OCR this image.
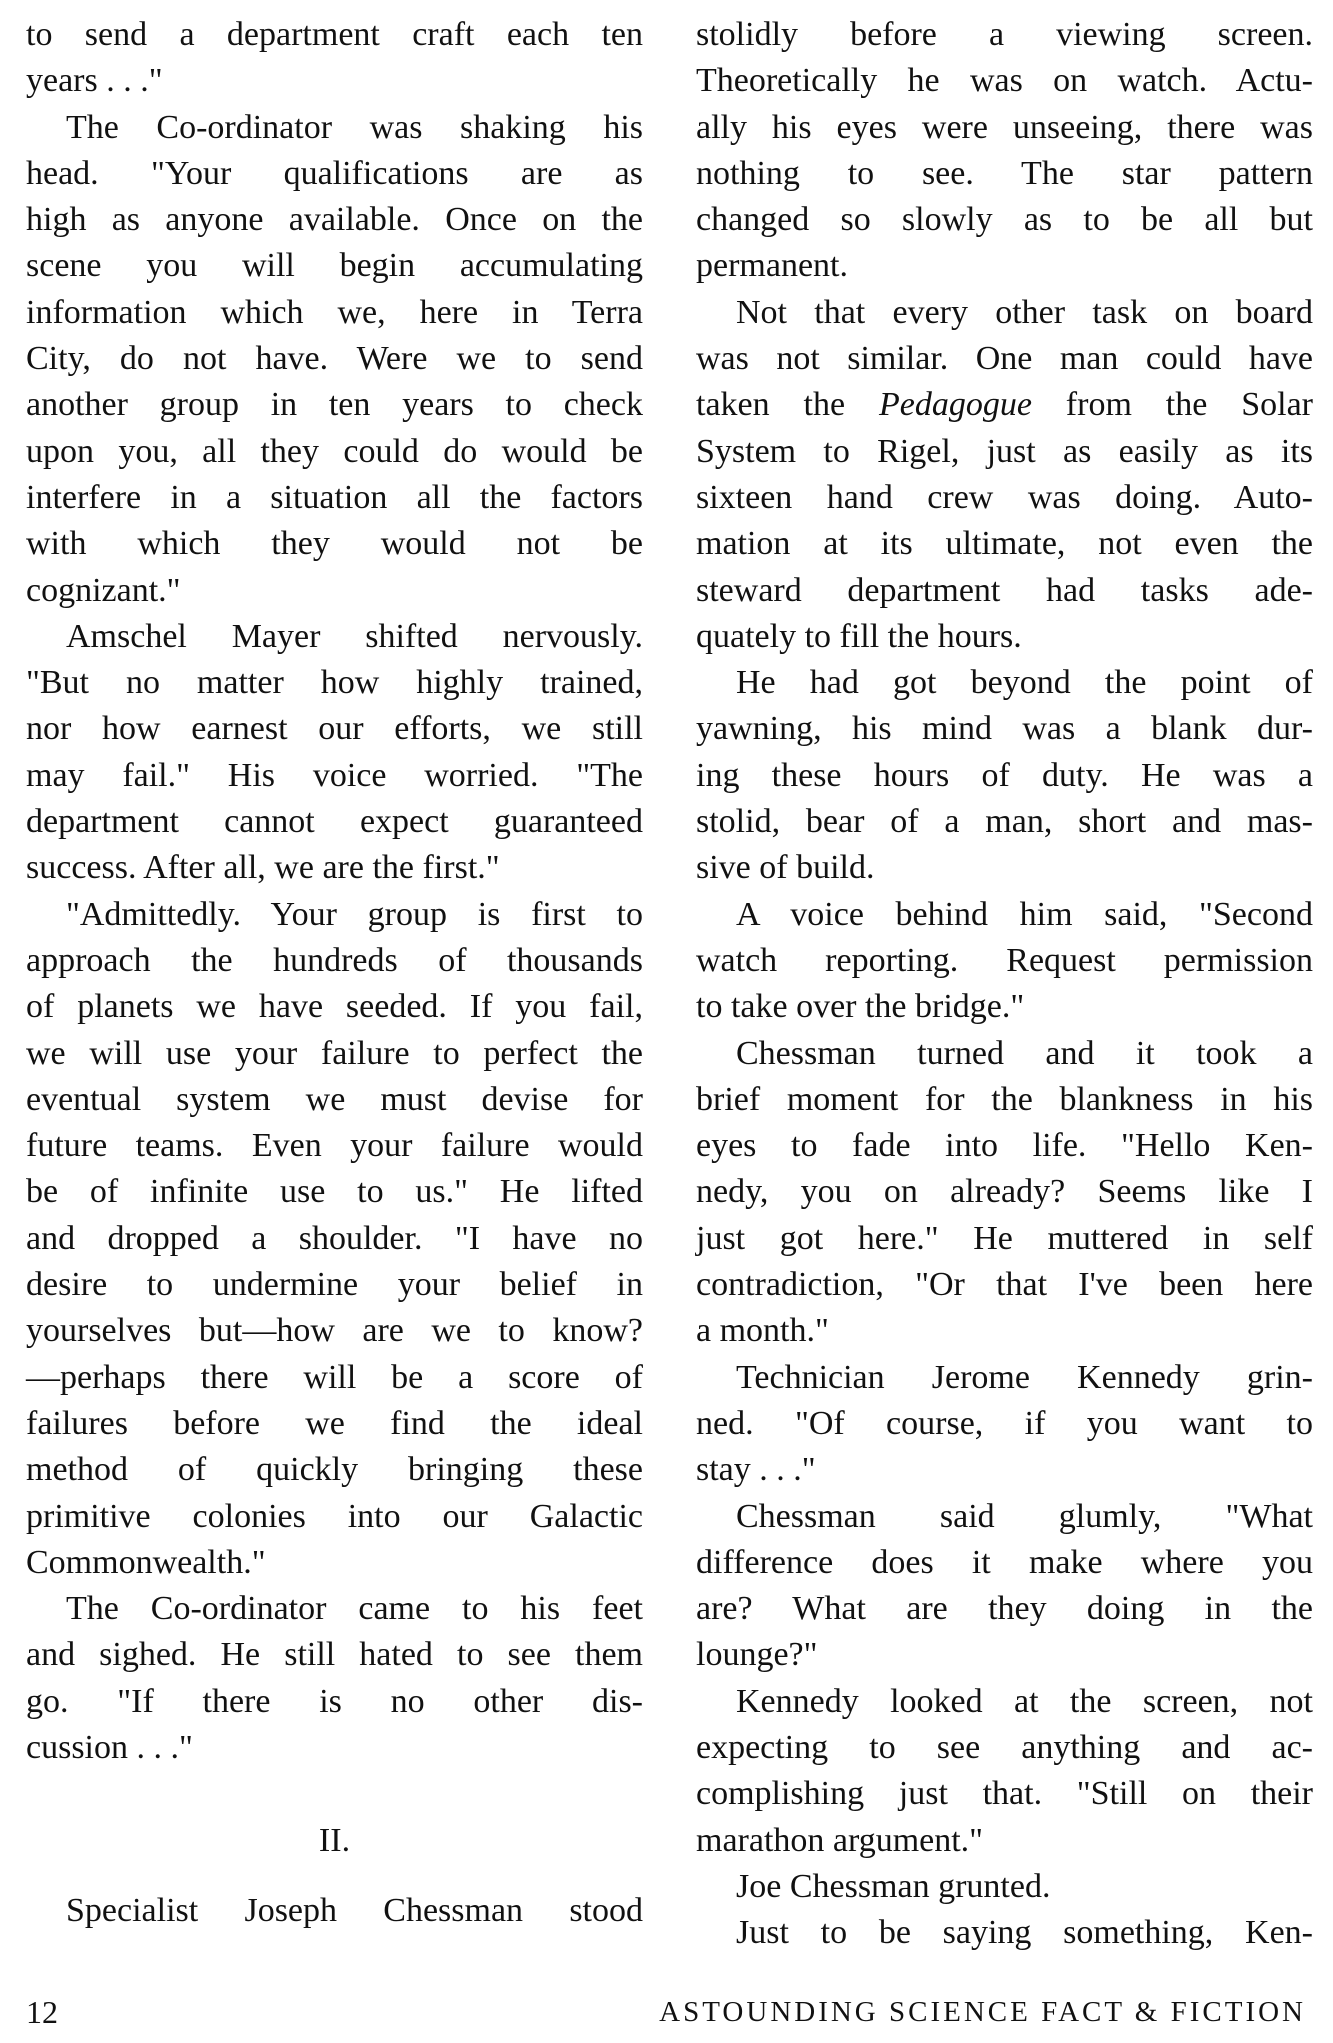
to send a department craft each ten
years . . ."
The Co-ordinator was shaking his
head. "Your qualifications are as
high as anyone available. Once on the
scene you will begin accumulating
information which we, here in Terra
City, do not have. Were we to send
another group in ten years to check
upon you, all they could do would be
interfere in a situation all the factors
with which they would not be
cognizant."
Amschel Mayer shifted nervously.
"But no matter how highly trained,
nor how earnest our efforts, we still
may fail." His voice worried. "The
department cannot expect guaranteed
success. After all, we are the first."
"Admittedly. Your group is first to
approach the hundreds of thousands
of planets we have seeded. If you fail,
we will use your failure to perfect the
eventual system we must devise for
future teams. Even your failure would
be of infinite use to us." He lifted
and dropped a shoulder. "I have no
desire to undermine your belief in
yourselves but—how are we to know?
—perhaps there will be a score of
failures before we find the ideal
method of quickly bringing these
primitive colonies into our Galactic
Commonwealth."
The Co-ordinator came to his feet
and sighed. He still hated to see them
go. "If there is no other dis-
cussion . . ."
II.
Specialist Joseph Chessman stood
stolidly before a viewing screen.
Theoretically he was on watch. Actu-
ally his eyes were unseeing, there was
nothing to see. The star pattern
changed so slowly as to be all but
permanent.
Not that every other task on board
was not similar. One man could have
taken the Pedagogue from the Solar
System to Rigel, just as easily as its
sixteen hand crew was doing. Auto-
mation at its ultimate, not even the
steward department had tasks ade-
quately to fill the hours.
He had got beyond the point of
yawning, his mind was a blank dur-
ing these hours of duty. He was a
stolid, bear of a man, short and mas-
sive of build.
A voice behind him said, "Second
watch reporting. Request permission
to take over the bridge."
Chessman turned and it took a
brief moment for the blankness in his
eyes to fade into life. "Hello Ken-
nedy, you on already? Seems like I
just got here." He muttered in self
contradiction, "Or that I've been here
a month."
Technician Jerome Kennedy grin-
ned. "Of course, if you want to
stay . . ."
Chessman said glumly, "What
difference does it make where you
are? What are they doing in the
lounge?"
Kennedy looked at the screen, not
expecting to see anything and ac-
complishing just that. "Still on their
marathon argument."
Joe Chessman grunted.
Just to be saying something, Ken-
12	ASTOUNDING SCIENCE FACT & FICTION
